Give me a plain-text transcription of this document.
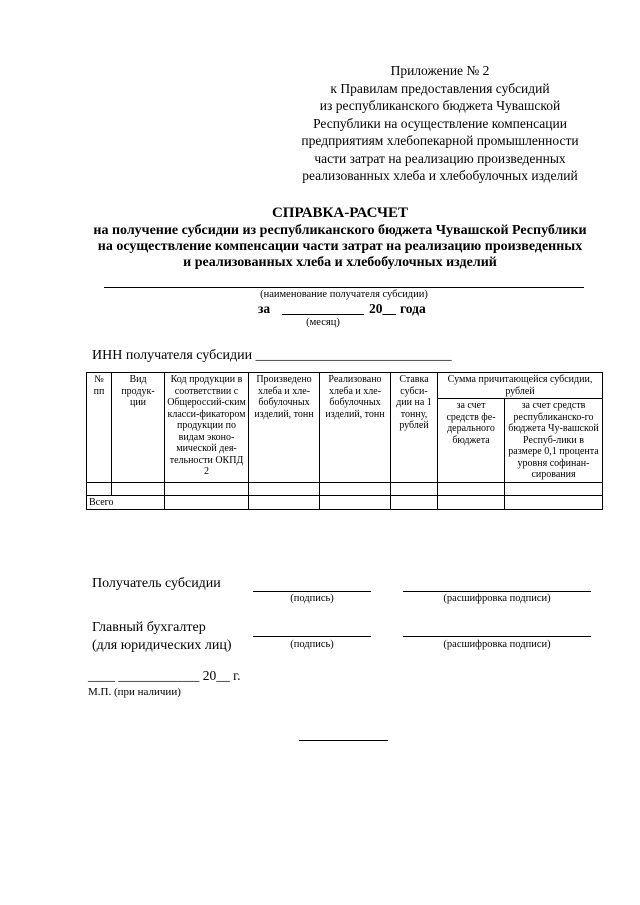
Приложение № 2
к Правилам предоставления субсидий
из республиканского бюджета Чувашской
Республики на осуществление компенсации
предприятиям хлебопекарной промышленности
части затрат на реализацию произведенных
реализованных хлеба и хлебобулочных изделий
СПРАВКА-РАСЧЕТ
на получение субсидии из республиканского бюджета Чувашской Республики
на осуществление компенсации части затрат на реализацию произведенных
и реализованных хлеба и хлебобулочных изделий
(наименование получателя субсидии)
за	20__ года
(месяц)
ИНН получателя субсидии ____________________________
№ пп	Вид продук-ции	Код продукции в соответствии с Общероссий-ским класси-фикатором продукции по видам эконо-мической дея-тельности ОКПД 2	Произведено хлеба и хле-бобулочных изделий, тонн	Реализовано хлеба и хле-бобулочных изделий, тонн	Ставка субси-дии на 1 тонну, рублей	Сумма причитающейся субсидии, рублей	
						за счет средств фе-дерального бюджета	за счет средств республиканско-го бюджета Чу-вашской Респуб-лики в размере 0,1 процента уровня софинан-сирования

Всего							
Получатель субсидии
(подпись)	(расшифровка подписи)
Главный бухгалтер
(для юридических лиц)	(подпись)	(расшифровка подписи)
____ ____________ 20__ г.
М.П. (при наличии)
